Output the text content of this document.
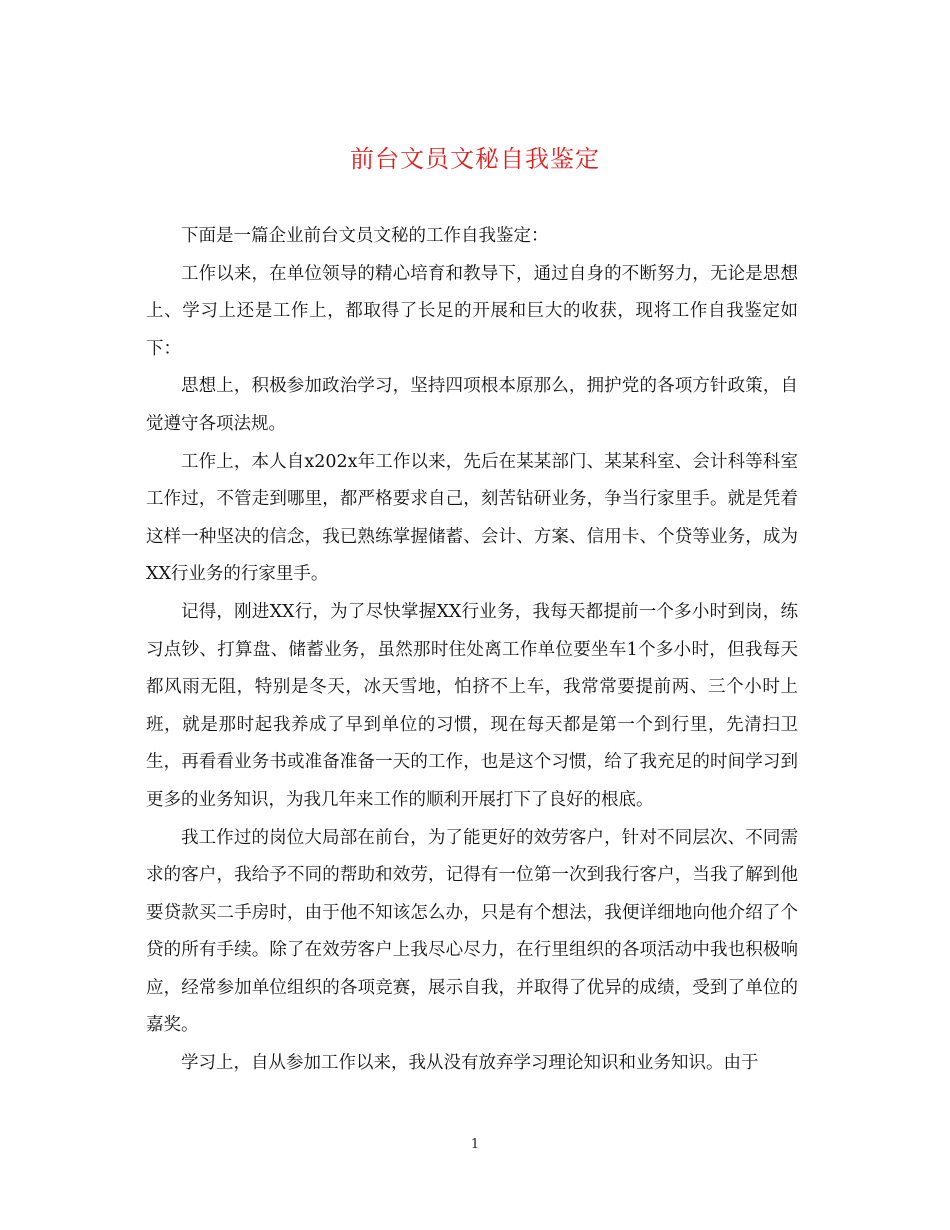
前台文员文秘自我鉴定

下面是一篇企业前台文员文秘的工作自我鉴定：

工作以来，在单位领导的精心培育和教导下，通过自身的不断努力，无论是思想上、学习上还是工作上，都取得了长足的开展和巨大的收获，现将工作自我鉴定如下：

思想上，积极参加政治学习，坚持四项根本原那么，拥护党的各项方针政策，自觉遵守各项法规。

工作上，本人自x202x年工作以来，先后在某某部门、某某科室、会计科等科室工作过，不管走到哪里，都严格要求自己，刻苦钻研业务，争当行家里手。就是凭着这样一种坚决的信念，我已熟练掌握储蓄、会计、方案、信用卡、个贷等业务，成为XX行业务的行家里手。

记得，刚进XX行，为了尽快掌握XX行业务，我每天都提前一个多小时到岗，练习点钞、打算盘、储蓄业务，虽然那时住处离工作单位要坐车1个多小时，但我每天都风雨无阻，特别是冬天，冰天雪地，怕挤不上车，我常常要提前两、三个小时上班，就是那时起我养成了早到单位的习惯，现在每天都是第一个到行里，先清扫卫生，再看看业务书或准备准备一天的工作，也是这个习惯，给了我充足的时间学习到更多的业务知识，为我几年来工作的顺利开展打下了良好的根底。

我工作过的岗位大局部在前台，为了能更好的效劳客户，针对不同层次、不同需求的客户，我给予不同的帮助和效劳，记得有一位第一次到我行客户，当我了解到他要贷款买二手房时，由于他不知该怎么办，只是有个想法，我便详细地向他介绍了个贷的所有手续。除了在效劳客户上我尽心尽力，在行里组织的各项活动中我也积极响应，经常参加单位组织的各项竞赛，展示自我，并取得了优异的成绩，受到了单位的嘉奖。

学习上，自从参加工作以来，我从没有放弃学习理论知识和业务知识。由于

1
